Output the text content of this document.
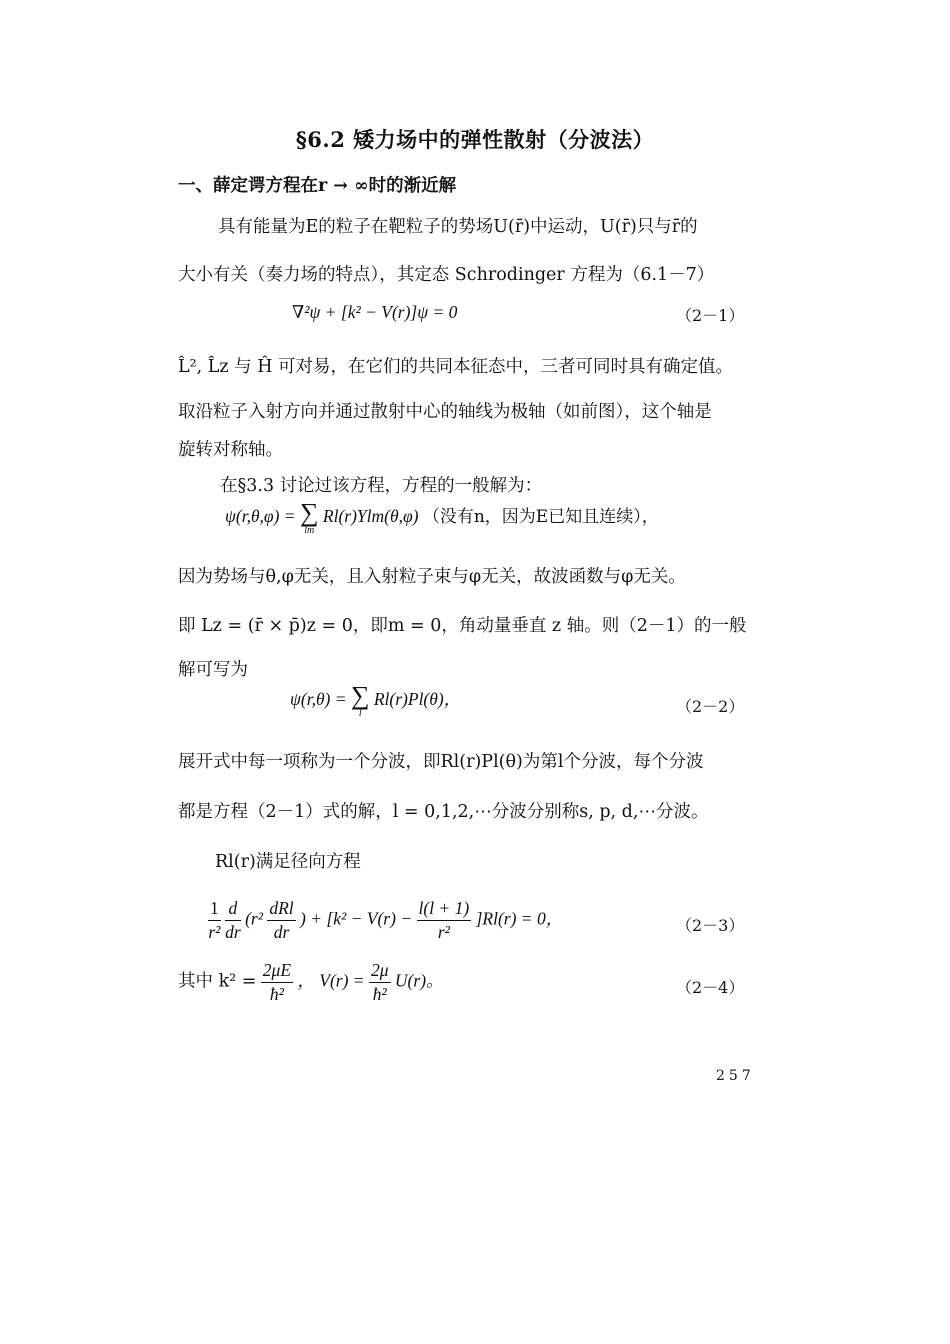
§6.2 矮力场中的弹性散射（分波法）
一、薛定谔方程在r → ∞时的渐近解
具有能量为E的粒子在靶粒子的势场U(r̄)中运动，U(r̄)只与r̄的
大小有关（奏力场的特点），其定态 Schrodinger 方程为（6.1－7）
∇²ψ + [k² − V(r)]ψ = 0	（2－1）
L̂², L̂z 与 Ĥ 可对易，在它们的共同本征态中，三者可同时具有确定值。
取沿粒子入射方向并通过散射中心的轴线为极轴（如前图），这个轴是
旋转对称轴。
在§3.3 讨论过该方程，方程的一般解为：
ψ(r,θ,φ) = ∑
lm
Rl(r)Ylm(θ,φ) （没有n，因为E已知且连续），
因为势场与θ,φ无关，且入射粒子束与φ无关，故波函数与φ无关。
即 Lz = (r̄ × p̄)z = 0，即m = 0，角动量垂直 z 轴。则（2－1）的一般
解可写为
ψ(r,θ) = ∑
l
Rl(r)Pl(θ)，	（2－2）
展开式中每一项称为一个分波，即Rl(r)Pl(θ)为第l个分波，每个分波
都是方程（2－1）式的解，l = 0,1,2,⋯分波分别称s, p, d,⋯分波。
Rl(r)满足径向方程
$\frac{1}{\text{r²}}$
$\frac{d}{dr} (r^2 \frac{\text{dRl}}{dr}$ ) + $[k^2 - V(r) - \frac{l(l + 1)}{\text{r²}} ]Rl(r) = 0$，	（2－3）
其中 $k^2 = \frac{2\mu E}{\text{ħ²}}$ ， $V(r) = \frac{2\mu}{\text{ħ²}} U(r)$。	（2－4）
257
